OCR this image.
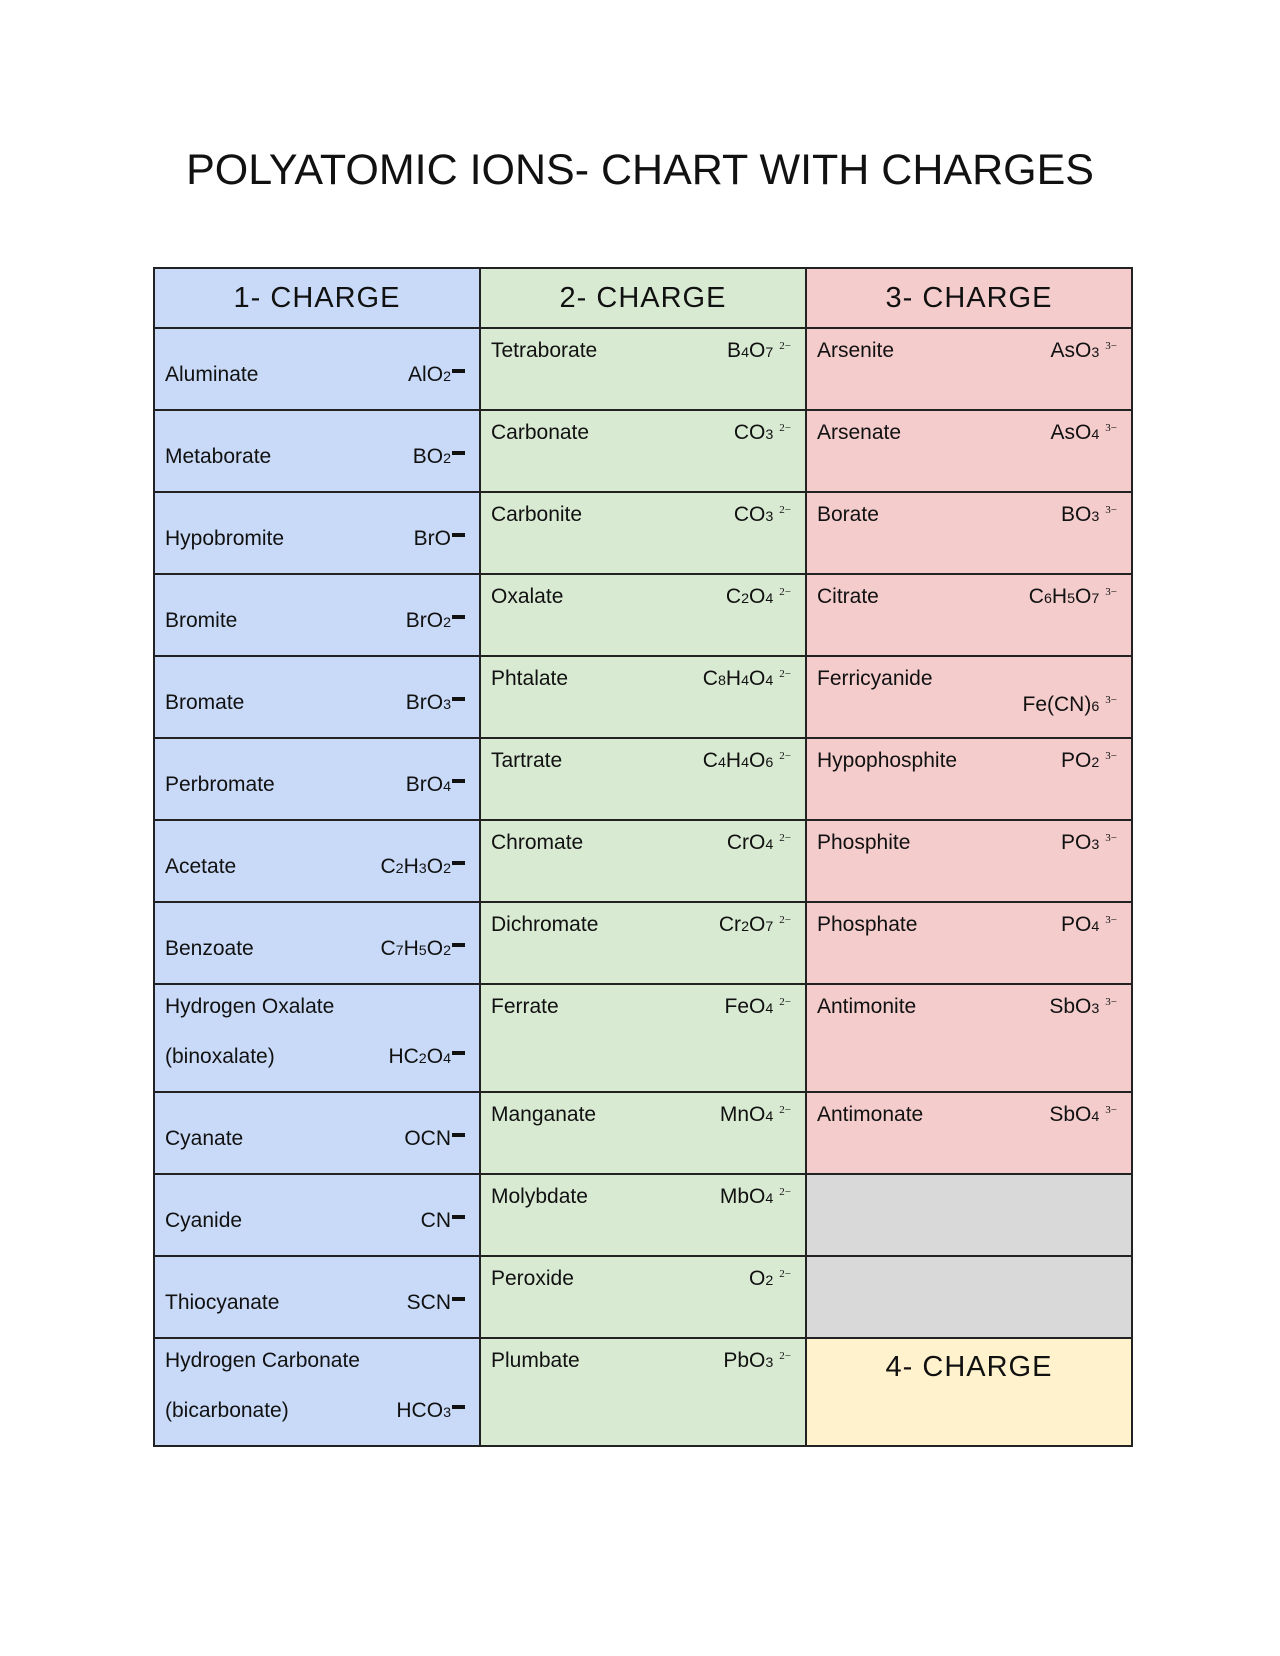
POLYATOMIC IONS- CHART WITH CHARGES
1- CHARGE	2- CHARGE	3- CHARGE

Aluminate AlO2	Tetraborate B4O7 $^{2-}$	Arsenite AsO3 $^{3-}$

Metaborate BO2	Carbonate CO3 $^{2-}$	Arsenate AsO4 $^{3-}$

Hypobromite BrO	Carbonite CO3 $^{2-}$	Borate BO3 $^{3-}$

Bromite BrO2	Oxalate C2O4 $^{2-}$	Citrate C6H5O7 $^{3-}$

Bromate BrO3	Phtalate C8H4O4 $^{2-}$	Ferricyanide
Fe(CN)6 $^{3-}$

Perbromate BrO4	Tartrate C4H4O6 $^{2-}$	Hypophosphite PO2 $^{3-}$

Acetate C2H3O2	Chromate CrO4 $^{2-}$	Phosphite PO3 $^{3-}$

Benzoate C7H5O2	Dichromate Cr2O7 $^{2-}$	Phosphate PO4 $^{3-}$

Hydrogen Oxalate
(binoxalate) HC2O4	Ferrate FeO4 $^{2-}$	Antimonite SbO3 $^{3-}$

Cyanate OCN	Manganate MnO4 $^{2-}$	Antimonate SbO4 $^{3-}$

Cyanide CN	Molybdate MbO4 $^{2-}$

Thiocyanate SCN	Peroxide O2 $^{2-}$

Hydrogen Carbonate
(bicarbonate) HCO3	Plumbate PbO3 $^{2-}$	4- CHARGE
